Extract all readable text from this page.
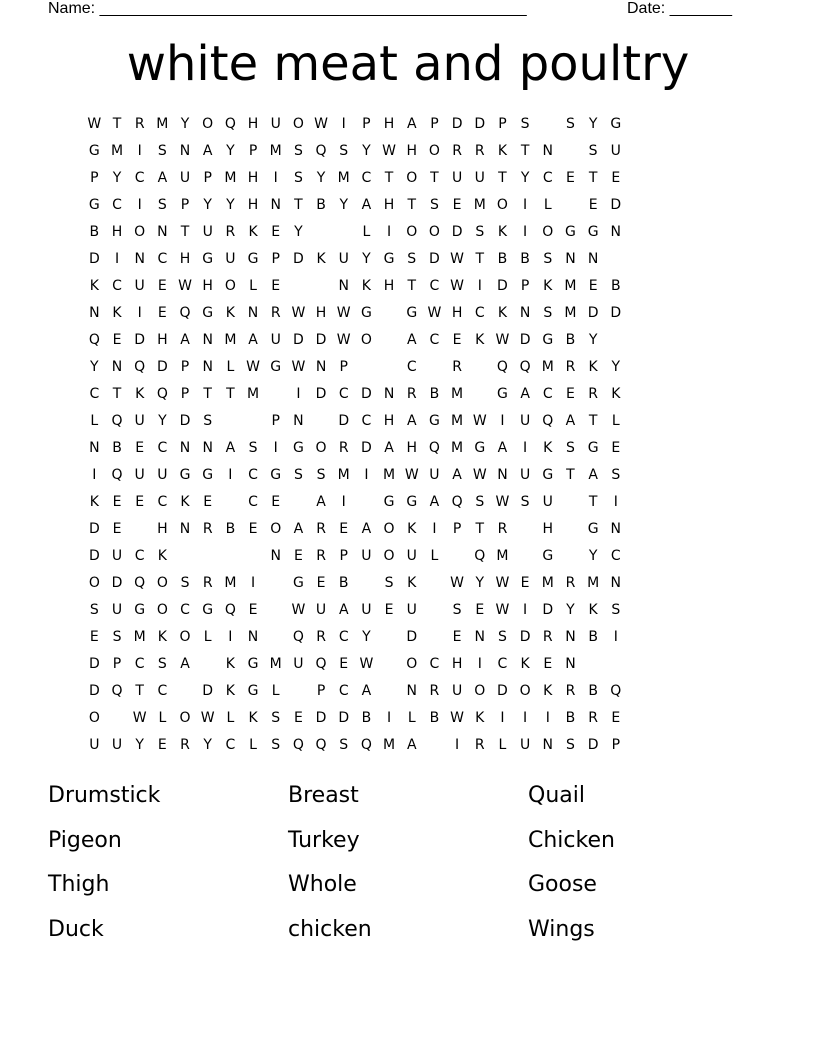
Name: ________________________________________________	Date: _______
white meat and poultry
W T R M Y O Q H U O W I	P H A P D D P	S	S Y G
G M	I	S N A Y	P M S Q S Y W H O R R K T N	S U
P	Y C A U P M H	I	S Y M C T O T U U T	Y C E T E
G C	I	S	P	Y	Y H N T B Y A H T S E M O	I	L	E D
B H O N T U R K E Y	L	I	O O D S K	I	O G G N
D	I	N C H G U G P D K U Y G S D W T B B S N N
K C U E W H O L	E	N K H T C W I	D P K M E B
N K	I	E Q G K N R W H W G	G W H C K N S M D D
Q E D H A N M A U D D W O	A C E K W D G B Y
Y N Q D P N L W G W N P	C	R	Q Q M R K Y
C T K Q P	T	T M	I	D C D N R B M	G A C E R K
L Q U Y D S	P N	D C H A G M W I	U Q A T	L
N B E C N N A S	I	G O R D A H Q M G A	I	K S G E
I	Q U U G G	I	C G S S M	I	M W U A W N U G T A S
K E E C K E	C E	A	I	G G A Q S W S U	T	I
D E	H N R B E O A R E A O K	I	P	T R	H	G N
D U C K	N E R P U O U L	Q M	G	Y C
O D Q O S R M	I	G E B	S K	W Y W E M R M N
S U G O C G Q E	W U A U E U	S E W I	D Y K S
E S M K O L	I	N	Q R C Y	D	E N S D R N B	I
D P C S A	K G M U Q E W	O C H	I	C K E N
D Q T C	D K G L	P C A	N R U O D O K R B Q
O	W L O W L	K S E D D B	I	L B W K	I	I	I	B R E
U U Y E R Y C L	S Q Q S Q M A	I	R L U N S D P
Drumstick	Breast	Quail
Pigeon	Turkey	Chicken
Thigh	Whole	Goose
Duck	chicken	Wings
